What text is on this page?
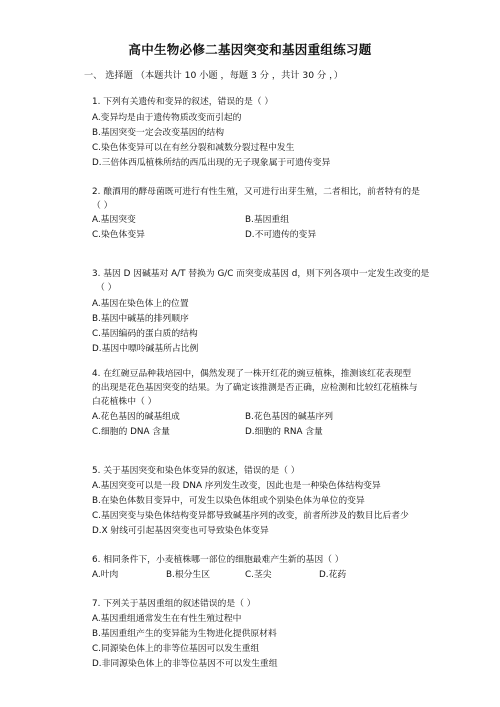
高中生物必修二基因突变和基因重组练习题
一、 选择题 （本题共计 10 小题 ，每题 3 分 ，共计 30 分 ，）
1. 下列有关遗传和变异的叙述，错误的是（ ）
A.变异均是由于遗传物质改变而引起的
B.基因突变一定会改变基因的结构
C.染色体变异可以在有丝分裂和减数分裂过程中发生
D.三倍体西瓜植株所结的西瓜出现的无子现象属于可遗传变异
2. 酿酒用的酵母菌既可进行有性生殖，又可进行出芽生殖，二者相比，前者特有的是
（ ）
A.基因突变	B.基因重组
C.染色体变异	D.不可遗传的变异
3. 基因 D 因碱基对 A/T 替换为 G/C 而突变成基因 d，则下列各项中一定发生改变的是
（ ）
A.基因在染色体上的位置
B.基因中碱基的排列顺序
C.基因编码的蛋白质的结构
D.基因中嘌呤碱基所占比例
4. 在红碗豆品种栽培园中，偶然发现了一株开红花的豌豆植株，推测该红花表现型
的出现是花色基因突变的结果。为了确定该推测是否正确，应检测和比较红花植株与
白花植株中（ ）
A.花色基因的碱基组成	B.花色基因的碱基序列
C.细胞的 DNA 含量	D.细胞的 RNA 含量
5. 关于基因突变和染色体变异的叙述，错误的是（ ）
A.基因突变可以是一段 DNA 序列发生改变，因此也是一种染色体结构变异
B.在染色体数目变异中，可发生以染色体组或个别染色体为单位的变异
C.基因突变与染色体结构变异都导致碱基序列的改变，前者所涉及的数目比后者少
D.X 射线可引起基因突变也可导致染色体变异
6. 相同条件下，小麦植株哪一部位的细胞最难产生新的基因（ ）
A.叶肉	B.根分生区	C.茎尖	D.花药
7. 下列关于基因重组的叙述错误的是（ ）
A.基因重组通常发生在有性生殖过程中
B.基因重组产生的变异能为生物进化提供原材料
C.同源染色体上的非等位基因可以发生重组
D.非同源染色体上的非等位基因不可以发生重组
